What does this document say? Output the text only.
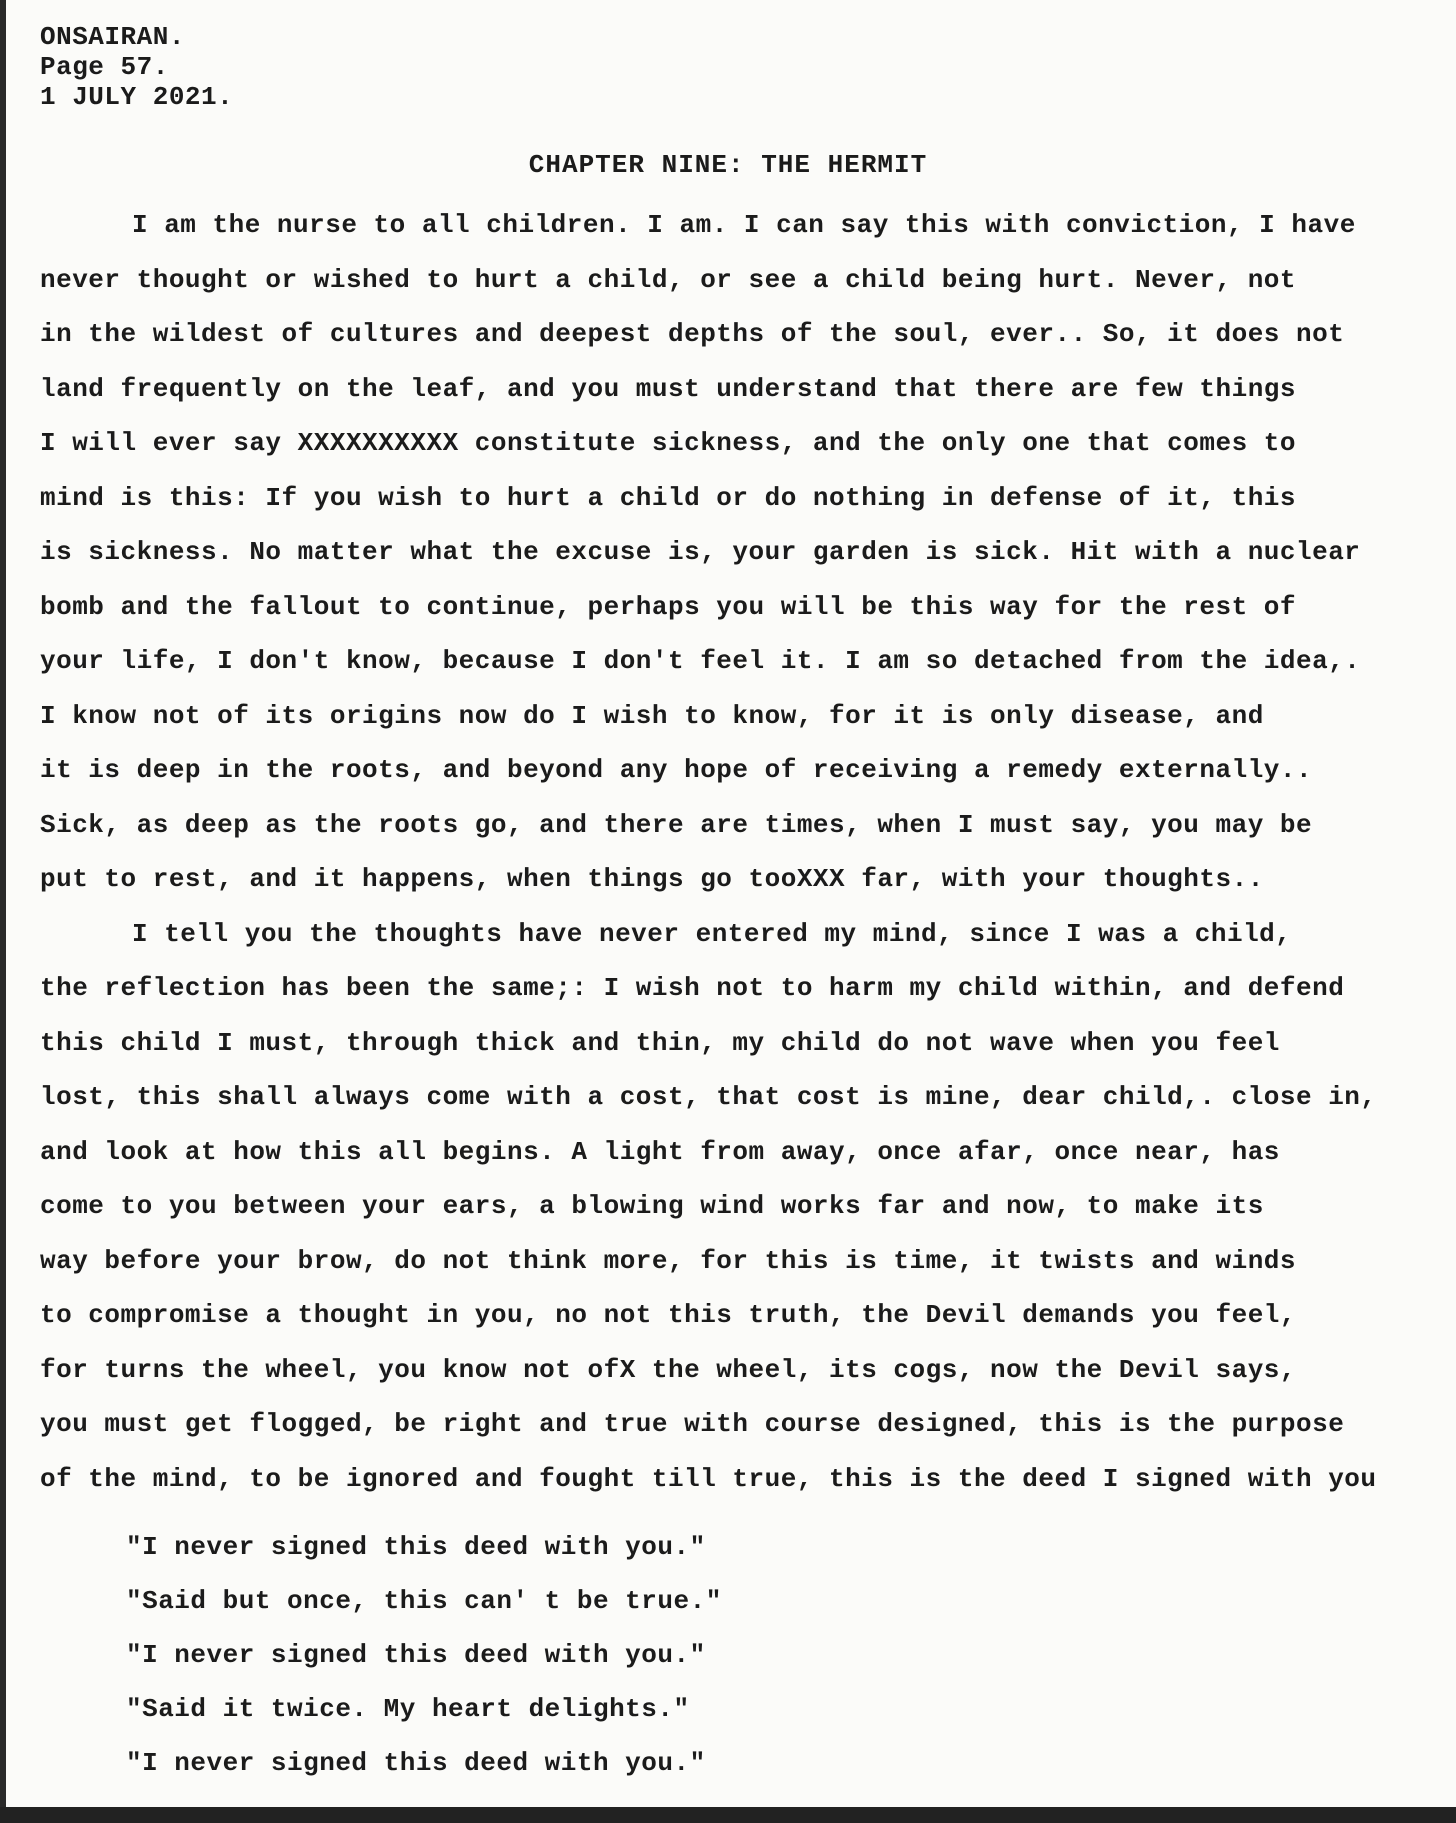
ONSAIRAN.
Page 57.
1 JULY 2021.
CHAPTER NINE: THE HERMIT
I am the nurse to all children. I am. I can say this with conviction, I have
never thought or wished to hurt a child, or see a child being hurt. Never, not
in the wildest of cultures and deepest depths of the soul, ever.. So, it does not
land frequently on the leaf, and you must understand that there are few things
I will ever say XXXXXXXXXX constitute sickness, and the only one that comes to
mind is this: If you wish to hurt a child or do nothing in defense of it, this
is sickness. No matter what the excuse is, your garden is sick. Hit with a nuclear
bomb and the fallout to continue, perhaps you will be this way for the rest of
your life, I don't know, because I don't feel it. I am so detached from the idea,.
I know not of its origins now do I wish to know, for it is only disease, and
it is deep in the roots, and beyond any hope of receiving a remedy externally..
Sick, as deep as the roots go, and there are times, when I must say, you may be
put to rest, and it happens, when things go tooXXX far, with your thoughts..
I tell you the thoughts have never entered my mind, since I was a child,
the reflection has been the same;: I wish not to harm my child within, and defend
this child I must, through thick and thin, my child do not wave when you feel
lost, this shall always come with a cost, that cost is mine, dear child,. close in,
and look at how this all begins. A light from away, once afar, once near, has
come to you between your ears, a blowing wind works far and now, to make its
way before your brow, do not think more, for this is time, it twists and winds
to compromise a thought in you, no not this truth, the Devil demands you feel,
for turns the wheel, you know not ofX the wheel, its cogs, now the Devil says,
you must get flogged, be right and true with course designed, this is the purpose
of the mind, to be ignored and fought till true, this is the deed I signed with you
"I never signed this deed with you."
"Said but once, this can' t be true."
"I never signed this deed with you."
"Said it twice. My heart delights."
"I never signed this deed with you."
